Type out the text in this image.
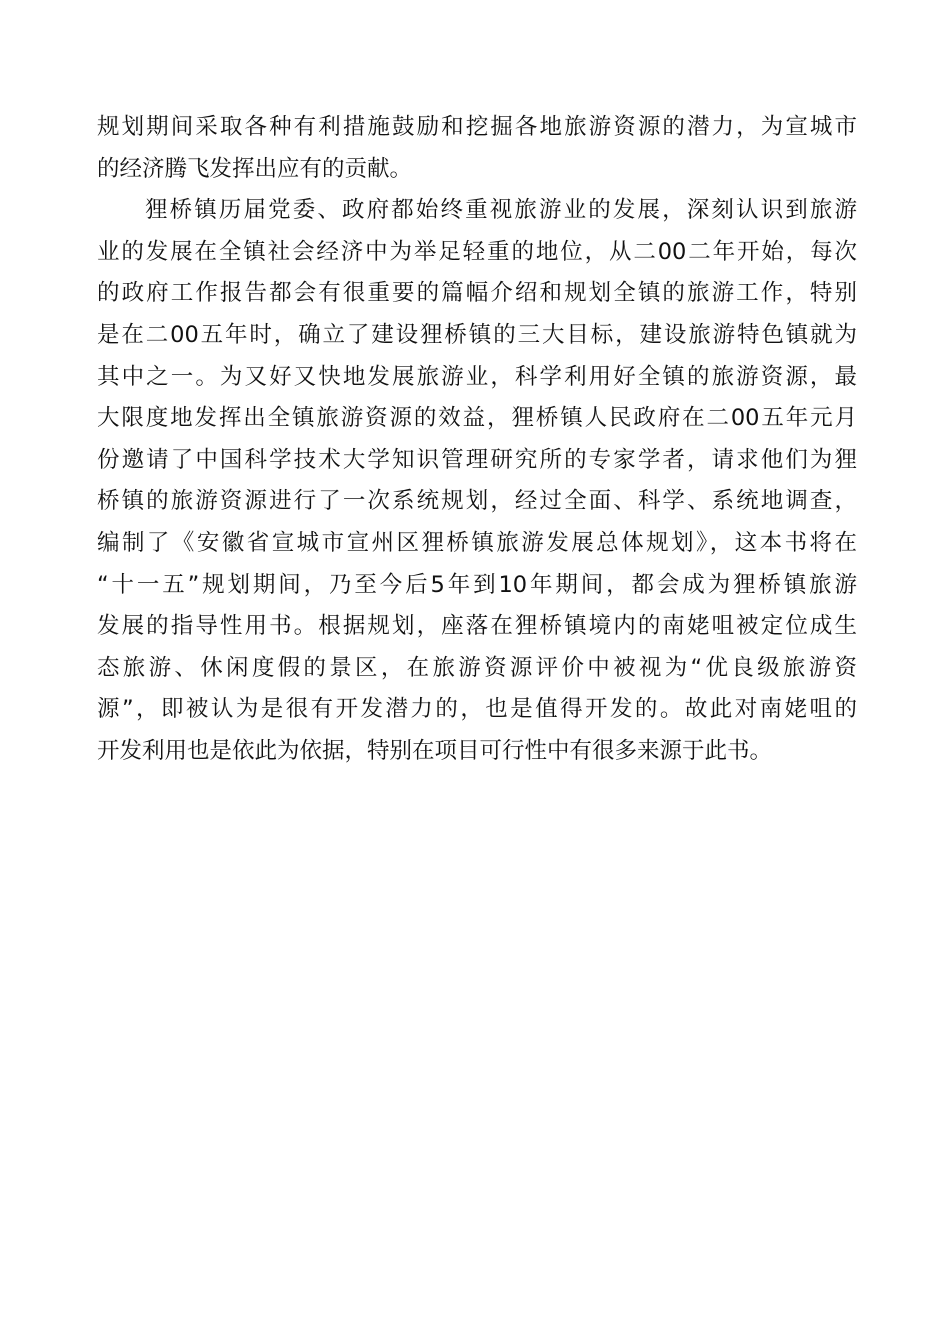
规划期间采取各种有利措施鼓励和挖掘各地旅游资源的潜力，为宣城市
的经济腾飞发挥出应有的贡献。
狸桥镇历届党委、政府都始终重视旅游业的发展，深刻认识到旅游
业的发展在全镇社会经济中为举足轻重的地位，从二00二年开始，每次
的政府工作报告都会有很重要的篇幅介绍和规划全镇的旅游工作，特别
是在二00五年时，确立了建设狸桥镇的三大目标，建设旅游特色镇就为
其中之一。为又好又快地发展旅游业，科学利用好全镇的旅游资源，最
大限度地发挥出全镇旅游资源的效益，狸桥镇人民政府在二00五年元月
份邀请了中国科学技术大学知识管理研究所的专家学者，请求他们为狸
桥镇的旅游资源进行了一次系统规划，经过全面、科学、系统地调查，
编制了《安徽省宣城市宣州区狸桥镇旅游发展总体规划》，这本书将在
“十一五”规划期间，乃至今后5年到10年期间，都会成为狸桥镇旅游
发展的指导性用书。根据规划，座落在狸桥镇境内的南姥咀被定位成生
态旅游、休闲度假的景区，在旅游资源评价中被视为“优良级旅游资
源”，即被认为是很有开发潜力的，也是值得开发的。故此对南姥咀的
开发利用也是依此为依据，特别在项目可行性中有很多来源于此书。
